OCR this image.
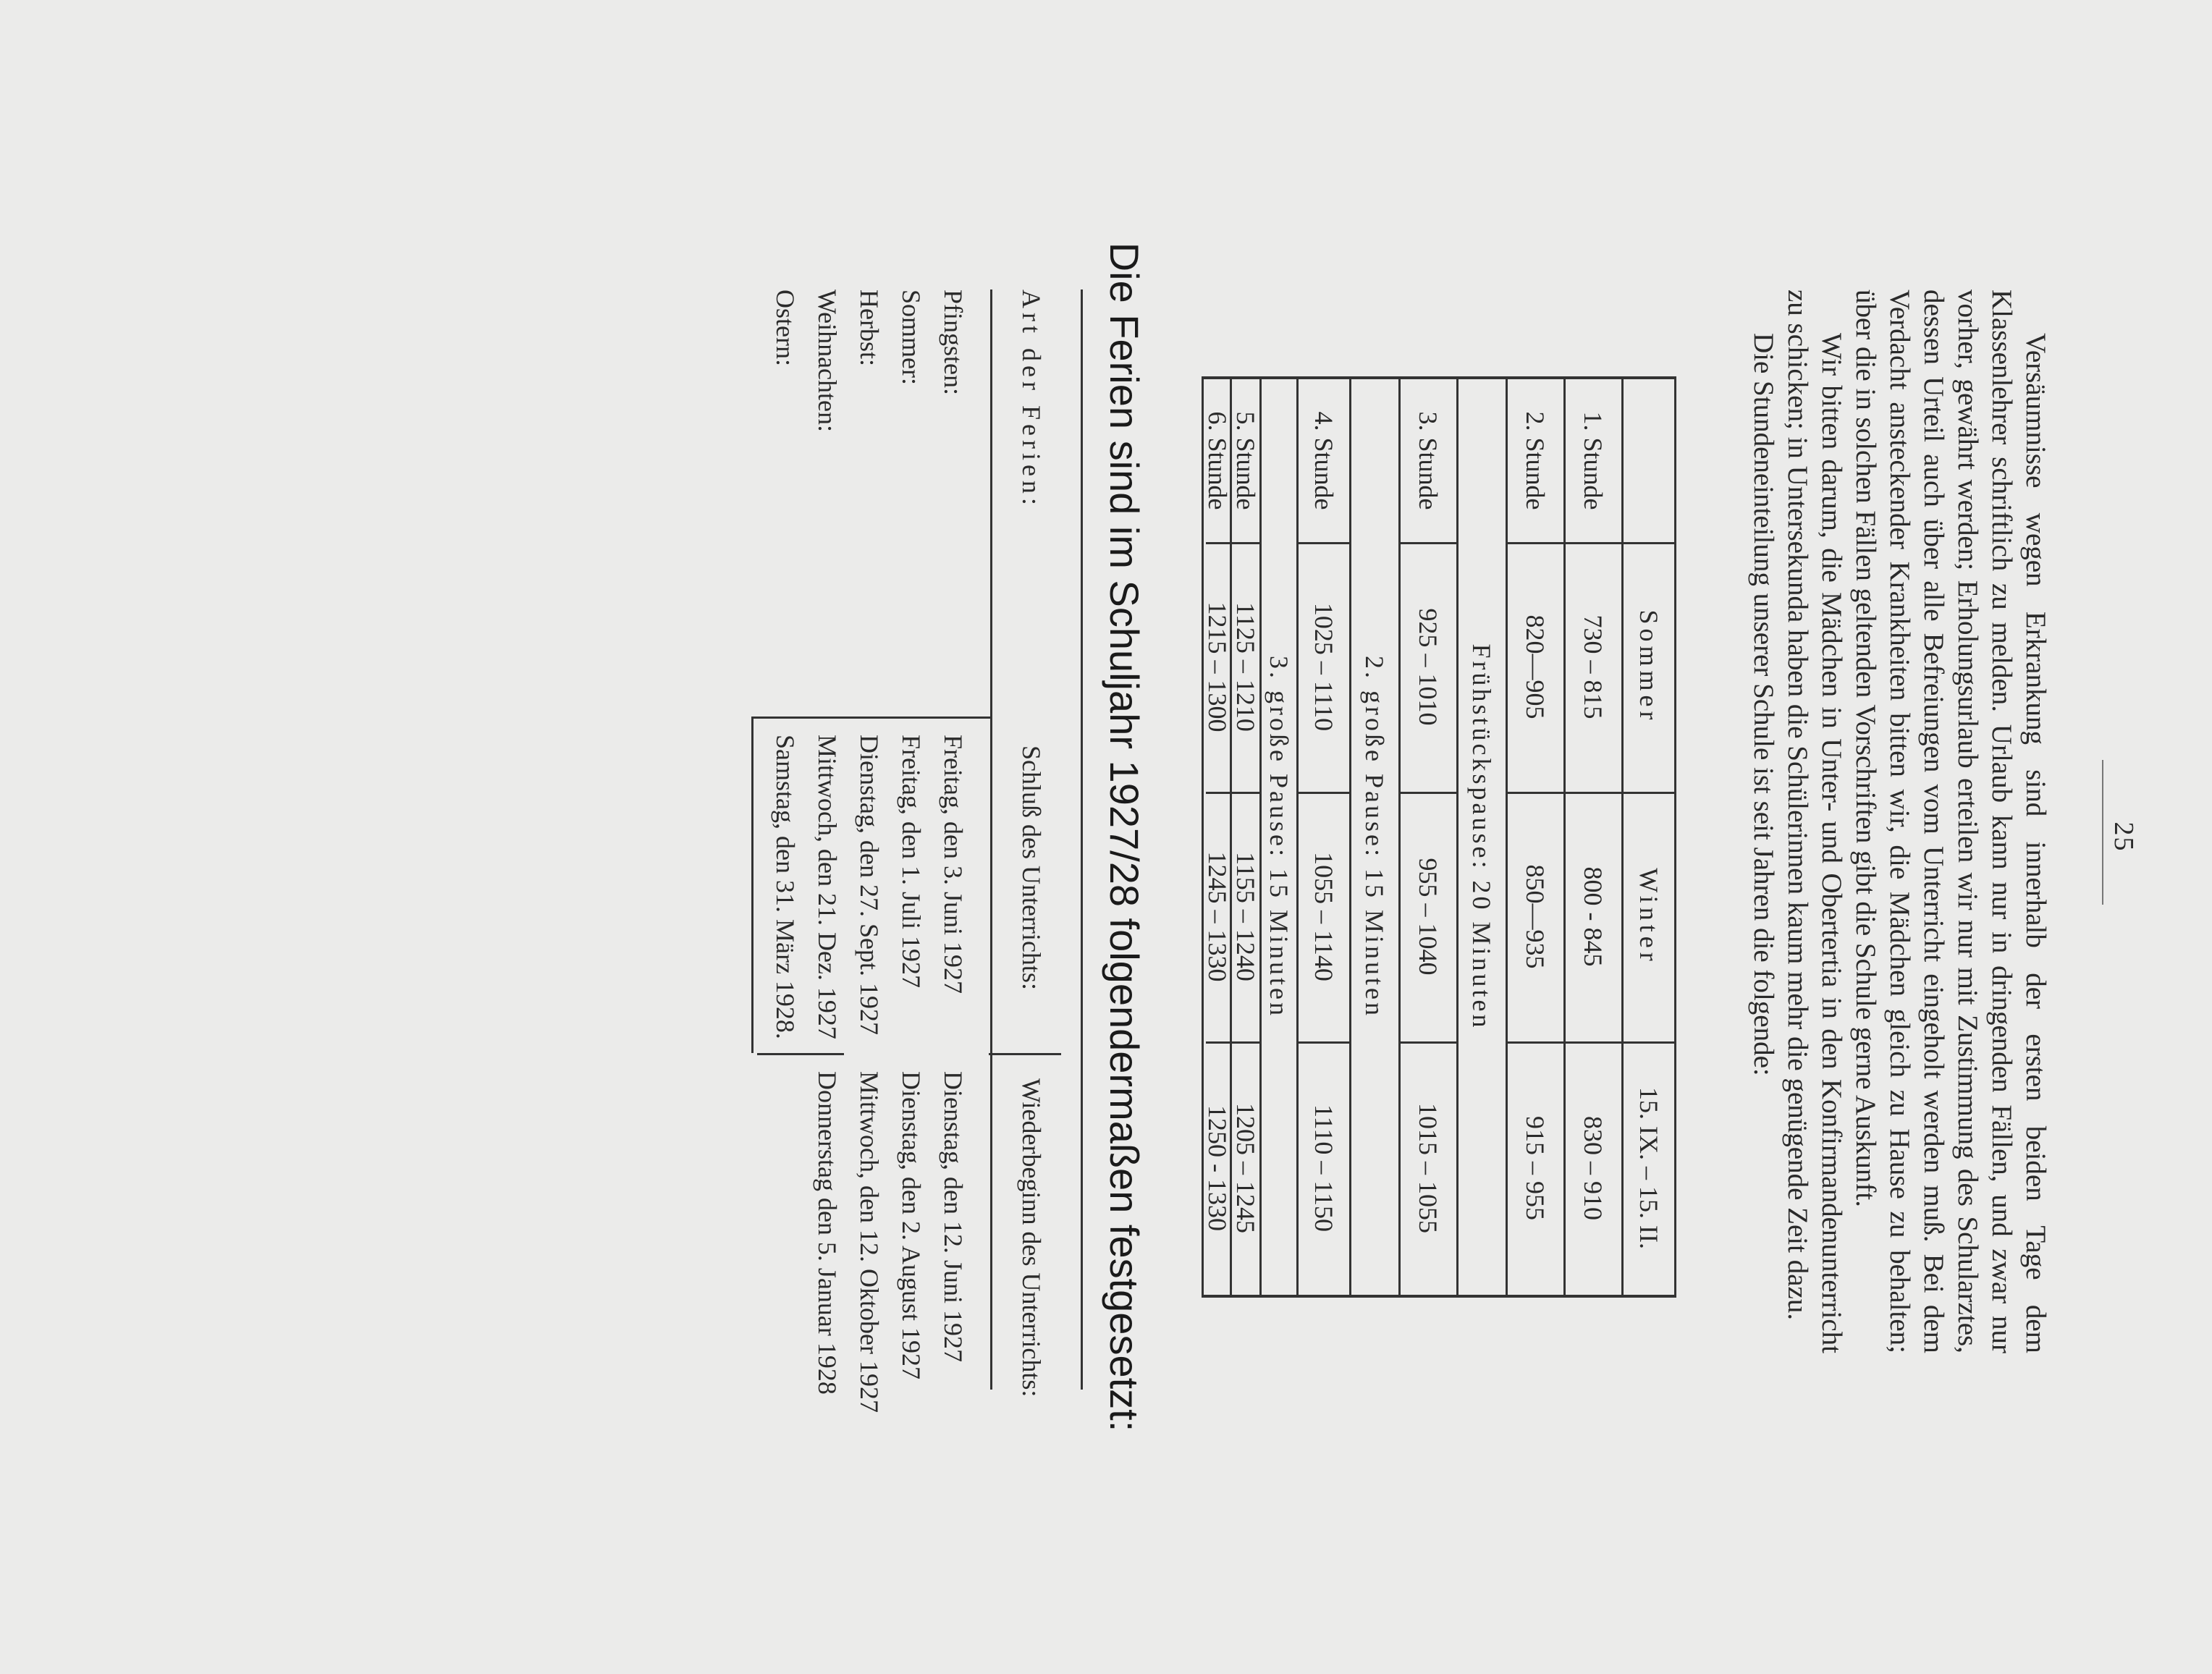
25

Versäumnisse wegen Erkrankung sind innerhalb der ersten beiden Tage dem Klassenlehrer schriftlich zu melden. Urlaub kann nur in dringenden Fällen, und zwar nur vorher, gewährt werden; Erholungsurlaub erteilen wir nur mit Zustimmung des Schularztes, dessen Urteil auch über alle Befreiungen vom Unterricht eingeholt werden muß. Bei dem Verdacht ansteckender Krankheiten bitten wir, die Mädchen gleich zu Hause zu behalten; über die in solchen Fällen geltenden Vorschriften gibt die Schule gerne Auskunft.

Wir bitten darum, die Mädchen in Unter- und Obertertia in den Konfirmandenunterricht zu schicken; in Untersekunda haben die Schülerinnen kaum mehr die genügende Zeit dazu.

Die Stundeneinteilung unserer Schule ist seit Jahren die folgende:

Sommer
Winter
15. IX. – 15. II.
1. Stunde
730 – 815
800 - 845
830 – 910
2. Stunde
820—905
850—935
915 – 955
Frühstückspause: 20 Minuten
3. Stunde
925 – 1010
955 – 1040
1015 – 1055
2. große Pause: 15 Minuten
4. Stunde
1025 – 1110
1055 – 1140
1110 – 1150
3. große Pause: 15 Minuten
5. Stunde
1125 – 1210
1155 – 1240
1205 – 1245
6. Stunde
1215 – 1300
1245 – 1330
1250 - 1330
Die Ferien sind im Schuljahr 1927/28 folgendermaßen festgesetzt:
Art der Ferien:
Schluß des Unterrichts:
Wiederbeginn des Unterrichts:
Pfingsten:
Sommer:
Herbst:
Weihnachten:
Ostern:
Freitag, den 3. Juni 1927
Freitag, den 1. Juli 1927
Dienstag, den 27. Sept. 1927
Mittwoch, den 21. Dez. 1927
Samstag, den 31. März 1928.
Dienstag, den 12. Juni 1927
Dienstag, den 2. August 1927
Mittwoch, den 12. Oktober 1927
Donnerstag den 5. Januar 1928
